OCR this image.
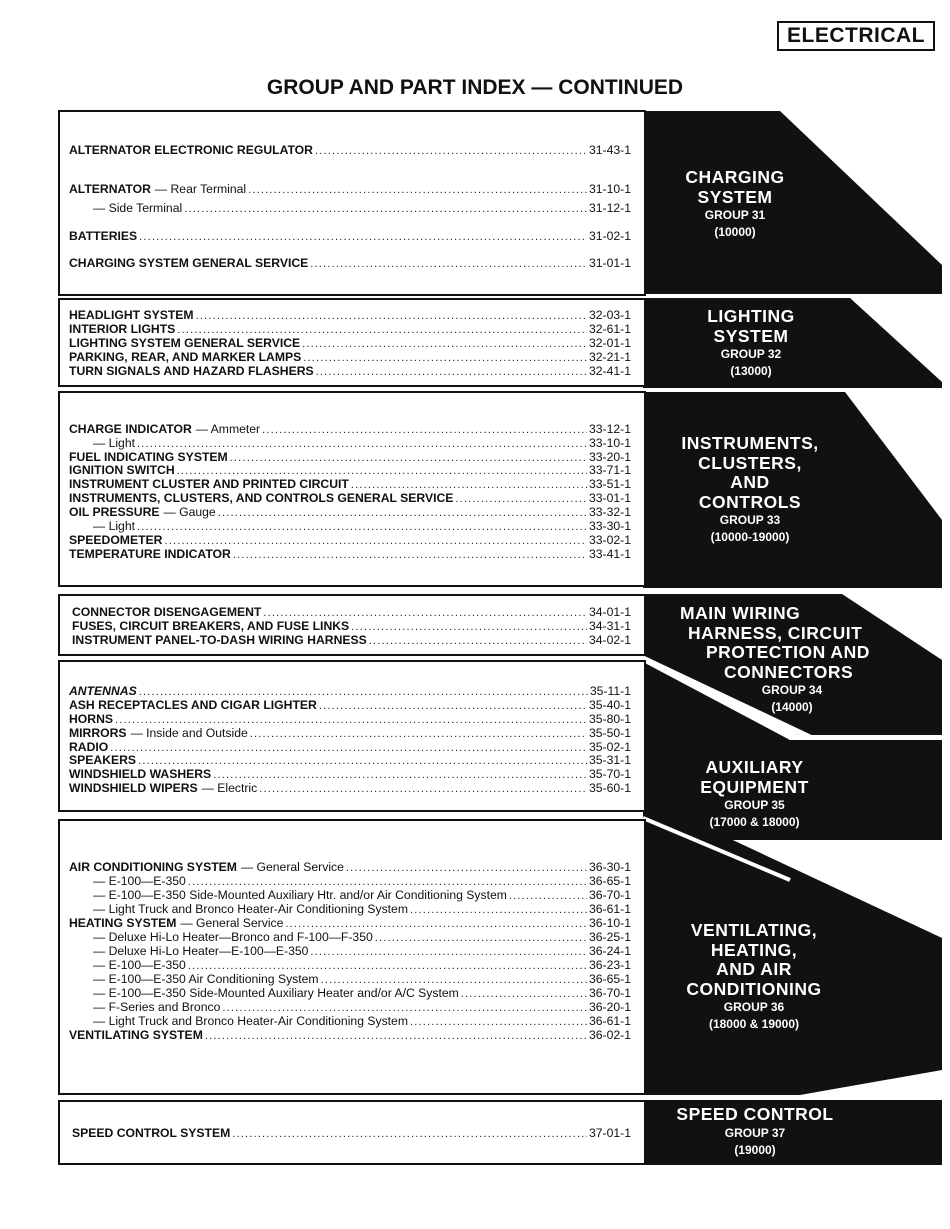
ELECTRICAL
GROUP AND PART INDEX — CONTINUED
ALTERNATOR ELECTRONIC REGULATOR .....	31-43-1
ALTERNATOR — Rear Terminal .....	31-10-1
— Side Terminal .....	31-12-1
BATTERIES .....	31-02-1
CHARGING SYSTEM GENERAL SERVICE .....	31-01-1
HEADLIGHT SYSTEM .....	32-03-1
INTERIOR LIGHTS .....	32-61-1
LIGHTING SYSTEM GENERAL SERVICE .....	32-01-1
PARKING, REAR, AND MARKER LAMPS .....	32-21-1
TURN SIGNALS AND HAZARD FLASHERS .....	32-41-1
CHARGE INDICATOR — Ammeter .....	33-12-1
— Light .....	33-10-1
FUEL INDICATING SYSTEM .....	33-20-1
IGNITION SWITCH .....	33-71-1
INSTRUMENT CLUSTER AND PRINTED CIRCUIT .....	33-51-1
INSTRUMENTS, CLUSTERS, AND CONTROLS GENERAL SERVICE .....	33-01-1
OIL PRESSURE — Gauge .....	33-32-1
— Light .....	33-30-1
SPEEDOMETER .....	33-02-1
TEMPERATURE INDICATOR .....	33-41-1
CONNECTOR DISENGAGEMENT .....	34-01-1
FUSES, CIRCUIT BREAKERS, AND FUSE LINKS .....	34-31-1
INSTRUMENT PANEL-TO-DASH WIRING HARNESS .....	34-02-1
ANTENNAS .....	35-11-1
ASH RECEPTACLES AND CIGAR LIGHTER .....	35-40-1
HORNS .....	35-80-1
MIRRORS — Inside and Outside .....	35-50-1
RADIO .....	35-02-1
SPEAKERS .....	35-31-1
WINDSHIELD WASHERS .....	35-70-1
WINDSHIELD WIPERS — Electric .....	35-60-1
AIR CONDITIONING SYSTEM — General Service .....	36-30-1
— E-100—E-350 .....	36-65-1
— E-100—E-350 Side-Mounted Auxiliary Htr. and/or Air Conditioning System .....	36-70-1
— Light Truck and Bronco Heater-Air Conditioning System .....	36-61-1
HEATING SYSTEM — General Service .....	36-10-1
— Deluxe Hi-Lo Heater—Bronco and F-100—F-350 .....	36-25-1
— Deluxe Hi-Lo Heater—E-100—E-350 .....	36-24-1
— E-100—E-350 .....	36-23-1
— E-100—E-350 Air Conditioning System .....	36-65-1
— E-100—E-350 Side-Mounted Auxiliary Heater and/or A/C System .....	36-70-1
— F-Series and Bronco .....	36-20-1
— Light Truck and Bronco Heater-Air Conditioning System .....	36-61-1
VENTILATING SYSTEM .....	36-02-1
SPEED CONTROL SYSTEM .....	37-01-1
CHARGING
SYSTEM
GROUP 31
(10000)
LIGHTING
SYSTEM
GROUP 32
(13000)
INSTRUMENTS,
CLUSTERS,
AND
CONTROLS
GROUP 33
(10000-19000)
MAIN WIRING
HARNESS, CIRCUIT
PROTECTION AND
CONNECTORS
GROUP 34
(14000)
AUXILIARY
EQUIPMENT
GROUP 35
(17000 & 18000)
VENTILATING,
HEATING,
AND AIR
CONDITIONING
GROUP 36
(18000 & 19000)
SPEED CONTROL
GROUP 37
(19000)
